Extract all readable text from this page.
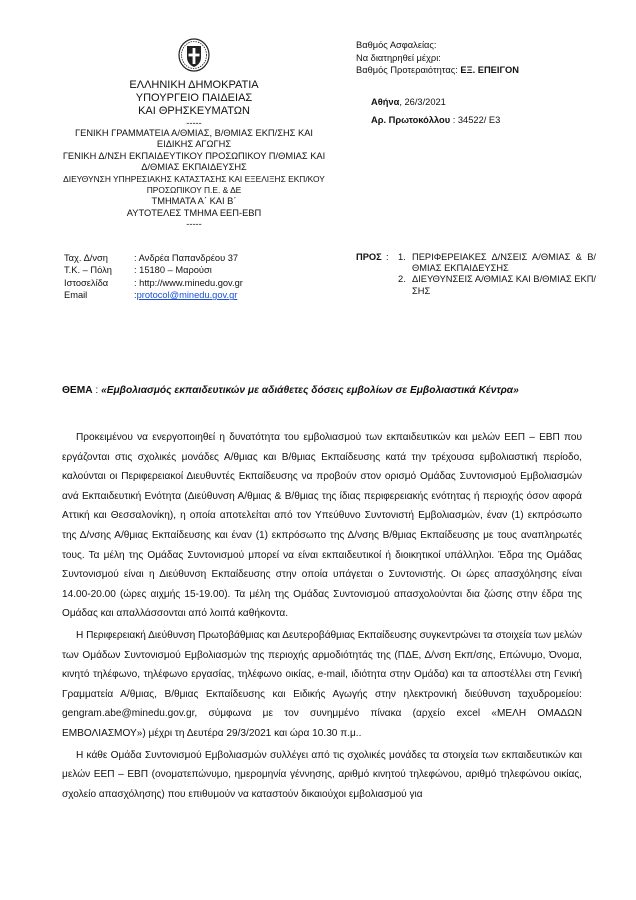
ΕΛΛΗΝΙΚΗ ΔΗΜΟΚΡΑΤΙΑ
ΥΠΟΥΡΓΕΙΟ ΠΑΙΔΕΙΑΣ
ΚΑΙ ΘΡΗΣΚΕΥΜΑΤΩΝ
-----
ΓΕΝΙΚΗ ΓΡΑΜΜΑΤΕΙΑ Α/ΘΜΙΑΣ, Β/ΘΜΙΑΣ ΕΚΠ/ΣΗΣ ΚΑΙ
ΕΙΔΙΚΗΣ ΑΓΩΓΗΣ
ΓΕΝΙΚΗ Δ/ΝΣΗ ΕΚΠΑΙΔΕΥΤΙΚΟΥ ΠΡΟΣΩΠΙΚΟΥ Π/ΘΜΙΑΣ ΚΑΙ
Δ/ΘΜΙΑΣ ΕΚΠΑΙΔΕΥΣΗΣ
ΔΙΕΥΘΥΝΣΗ ΥΠΗΡΕΣΙΑΚΗΣ ΚΑΤΑΣΤΑΣΗΣ ΚΑΙ ΕΞΕΛΙΞΗΣ ΕΚΠ/ΚΟΥ
ΠΡΟΣΩΠΙΚΟΥ Π.Ε. & ΔΕ
ΤΜΗΜΑΤΑ Α΄ ΚΑΙ Β΄
ΑΥΤΟΤΕΛΕΣ ΤΜΗΜΑ ΕΕΠ-ΕΒΠ
-----
Βαθμός Ασφαλείας:
Να διατηρηθεί μέχρι:
Βαθμός Προτεραιότητας: ΕΞ. ΕΠΕΙΓΟΝ
Αθήνα, 26/3/2021
Αρ. Πρωτοκόλλου : 34522/ Ε3
Ταχ. Δ/νση	: Ανδρέα Παπανδρέου 37
Τ.Κ. – Πόλη	: 15180 – Μαρούσι
Ιστοσελίδα	: http://www.minedu.gov.gr
Email	: protocol@minedu.gov.gr
ΠΡΟΣ : 1. ΠΕΡΙΦΕΡΕΙΑΚΕΣ Δ/ΝΣΕΙΣ Α/ΘΜΙΑΣ & Β/ΘΜΙΑΣ ΕΚΠΑΙΔΕΥΣΗΣ
2. ΔΙΕΥΘΥΝΣΕΙΣ Α/ΘΜΙΑΣ ΚΑΙ Β/ΘΜΙΑΣ ΕΚΠ/ΣΗΣ
ΘΕΜΑ : «Εμβολιασμός εκπαιδευτικών με αδιάθετες δόσεις εμβολίων σε Εμβολιαστικά Κέντρα»

Προκειμένου να ενεργοποιηθεί η δυνατότητα του εμβολιασμού των εκπαιδευτικών και μελών ΕΕΠ – ΕΒΠ που εργάζονται στις σχολικές μονάδες Α/θμιας και Β/θμιας Εκπαίδευσης κατά την τρέχουσα εμβολιαστική περίοδο, καλούνται οι Περιφερειακοί Διευθυντές Εκπαίδευσης να προβούν στον ορισμό Ομάδας Συντονισμού Εμβολιασμών ανά Εκπαιδευτική Ενότητα (Διεύθυνση Α/θμιας & Β/θμιας της ίδιας περιφερειακής ενότητας ή περιοχής όσον αφορά Αττική και Θεσσαλονίκη), η οποία αποτελείται από τον Υπεύθυνο Συντονιστή Εμβολιασμών, έναν (1) εκπρόσωπο της Δ/νσης Α/θμιας Εκπαίδευσης και έναν (1) εκπρόσωπο της Δ/νσης Β/θμιας Εκπαίδευσης με τους αναπληρωτές τους. Τα μέλη της Ομάδας Συντονισμού μπορεί να είναι εκπαιδευτικοί ή διοικητικοί υπάλληλοι. Έδρα της Ομάδας Συντονισμού είναι η Διεύθυνση Εκπαίδευσης στην οποία υπάγεται ο Συντονιστής. Οι ώρες απασχόλησης είναι 14.00-20.00 (ώρες αιχμής 15-19.00). Τα μέλη της Ομάδας Συντονισμού απασχολούνται δια ζώσης στην έδρα της Ομάδας και απαλλάσσονται από λοιπά καθήκοντα.

Η Περιφερειακή Διεύθυνση Πρωτοβάθμιας και Δευτεροβάθμιας Εκπαίδευσης συγκεντρώνει τα στοιχεία των μελών των Ομάδων Συντονισμού Εμβολιασμών της περιοχής αρμοδιότητάς της (ΠΔΕ, Δ/νση Εκπ/σης, Επώνυμο, Όνομα, κινητό τηλέφωνο, τηλέφωνο εργασίας, τηλέφωνο οικίας, e-mail, ιδιότητα στην Ομάδα) και τα αποστέλλει στη Γενική Γραμματεία Α/θμιας, Β/θμιας Εκπαίδευσης και Ειδικής Αγωγής στην ηλεκτρονική διεύθυνση ταχυδρομείου: gengram.abe@minedu.gov.gr, σύμφωνα με τον συνημμένο πίνακα (αρχείο excel «ΜΕΛΗ ΟΜΑΔΩΝ ΕΜΒΟΛΙΑΣΜΟΥ») μέχρι τη Δευτέρα 29/3/2021 και ώρα 10.30 π.μ..

Η κάθε Ομάδα Συντονισμού Εμβολιασμών συλλέγει από τις σχολικές μονάδες τα στοιχεία των εκπαιδευτικών και μελών ΕΕΠ – ΕΒΠ (ονοματεπώνυμο, ημερομηνία γέννησης, αριθμό κινητού τηλεφώνου, αριθμό τηλεφώνου οικίας, σχολείο απασχόλησης) που επιθυμούν να καταστούν δικαιούχοι εμβολιασμού για
